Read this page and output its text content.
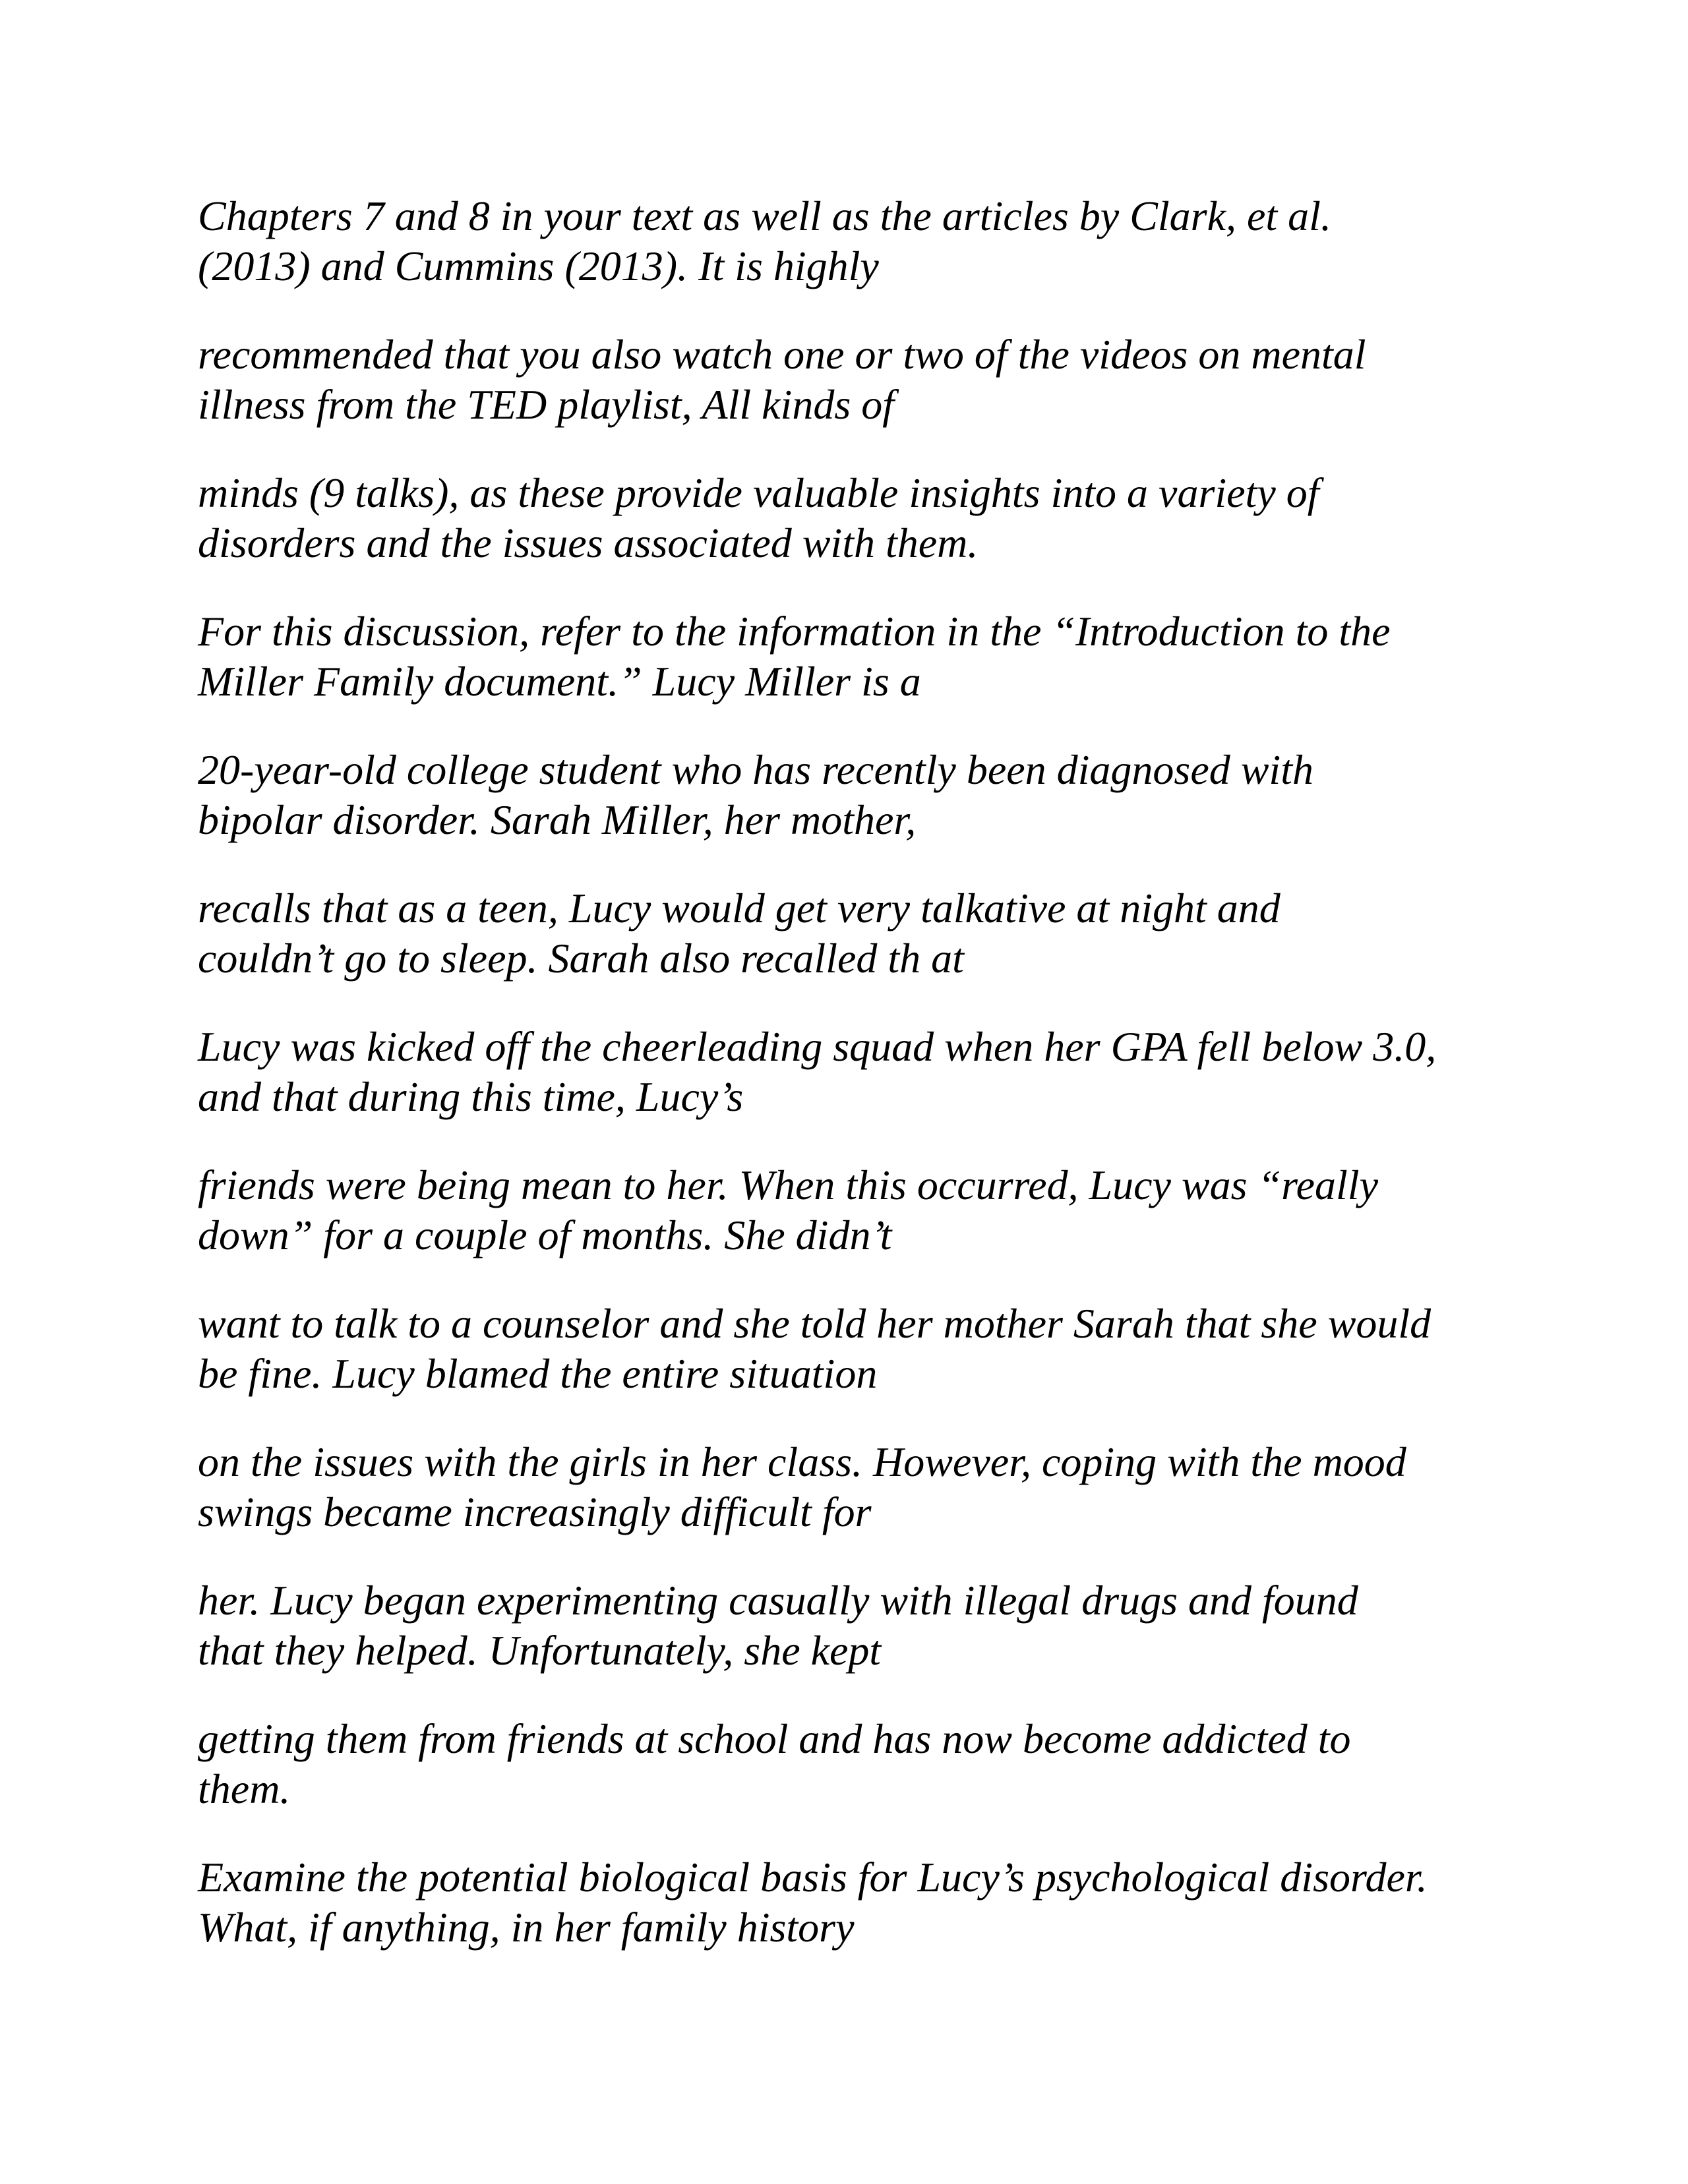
Chapters 7 and 8 in your text as well as the articles by Clark, et al.
(2013) and Cummins (2013). It is highly

recommended that you also watch one or two of the videos on mental
illness from the TED playlist, All kinds of

minds (9 talks), as these provide valuable insights into a variety of
disorders and the issues associated with them.

For this discussion, refer to the information in the “Introduction to the
Miller Family document.” Lucy Miller is a

20-year-old college student who has recently been diagnosed with
bipolar disorder. Sarah Miller, her mother,

recalls that as a teen, Lucy would get very talkative at night and
couldn’t go to sleep. Sarah also recalled th at

Lucy was kicked off the cheerleading squad when her GPA fell below 3.0,
and that during this time, Lucy’s

friends were being mean to her. When this occurred, Lucy was “really
down” for a couple of months. She didn’t

want to talk to a counselor and she told her mother Sarah that she would
be fine. Lucy blamed the entire situation

on the issues with the girls in her class. However, coping with the mood
swings became increasingly difficult for

her. Lucy began experimenting casually with illegal drugs and found
that they helped. Unfortunately, she kept

getting them from friends at school and has now become addicted to
them.

Examine the potential biological basis for Lucy’s psychological disorder.
What, if anything, in her family history
